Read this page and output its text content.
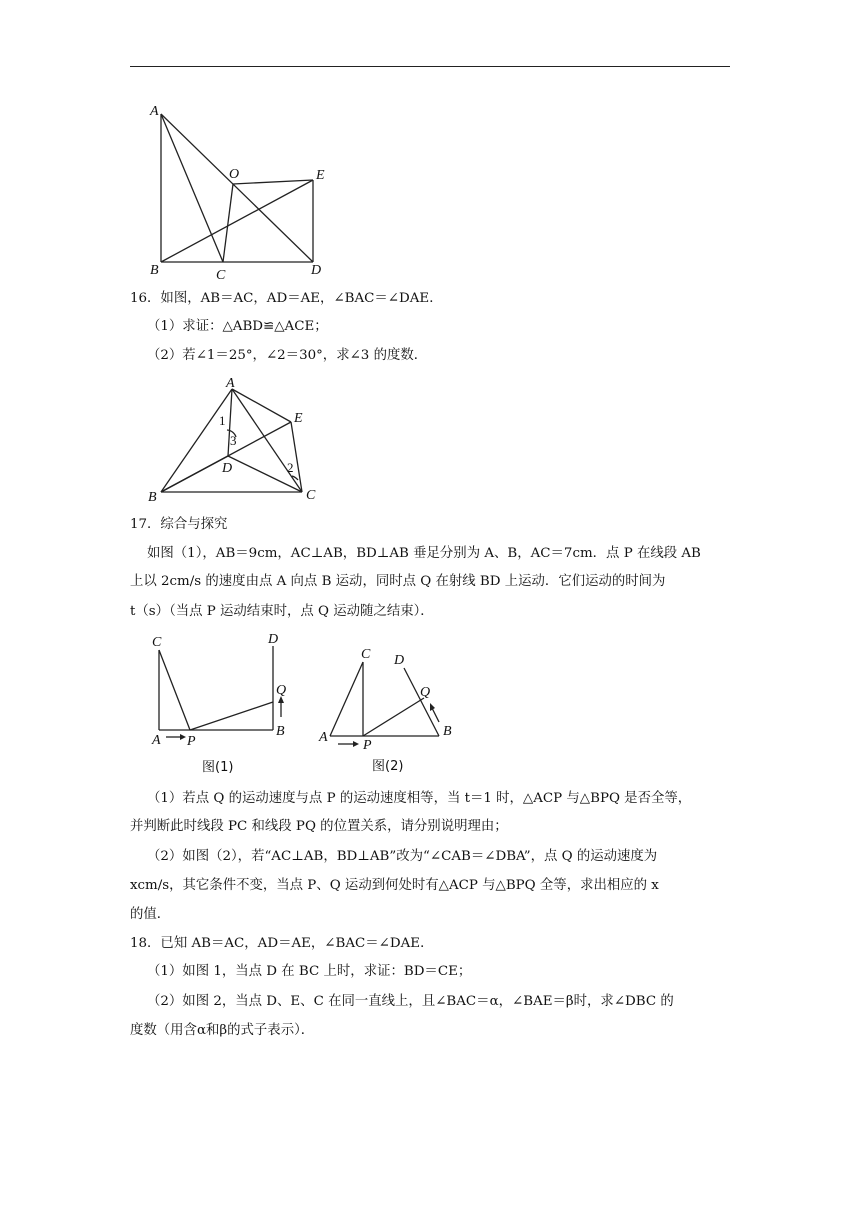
A
B	C	D
E
O
16．如图，AB＝AC，AD＝AE，∠BAC＝∠DAE．
（1）求证：△ABD≌△ACE；
（2）若∠1＝25°，∠2＝30°，求∠3 的度数．
A
B	C
D
E
1
2
3
17．综合与探究
如图（1），AB＝9cm，AC⊥AB，BD⊥AB 垂足分别为 A、B，AC＝7cm．点 P 在线段 AB
上以 2cm/s 的速度由点 A 向点 B 运动，同时点 Q 在射线 BD 上运动．它们运动的时间为
t（s）（当点 P 运动结束时，点 Q 运动随之结束）．
C	D
Q
A P
B
图(1)
C D
Q
A
P
B
图(2)
（1）若点 Q 的运动速度与点 P 的运动速度相等，当 t＝1 时，△ACP 与△BPQ 是否全等，
并判断此时线段 PC 和线段 PQ 的位置关系，请分别说明理由；
（2）如图（2），若“AC⊥AB，BD⊥AB”改为“∠CAB＝∠DBA”，点 Q 的运动速度为
xcm/s，其它条件不变，当点 P、Q 运动到何处时有△ACP 与△BPQ 全等，求出相应的 x
的值．
18．已知 AB＝AC，AD＝AE，∠BAC＝∠DAE．
（1）如图 1，当点 D 在 BC 上时，求证：BD＝CE；
（2）如图 2，当点 D、E、C 在同一直线上，且∠BAC＝α，∠BAE＝β时，求∠DBC 的
度数（用含α和β的式子表示）．
